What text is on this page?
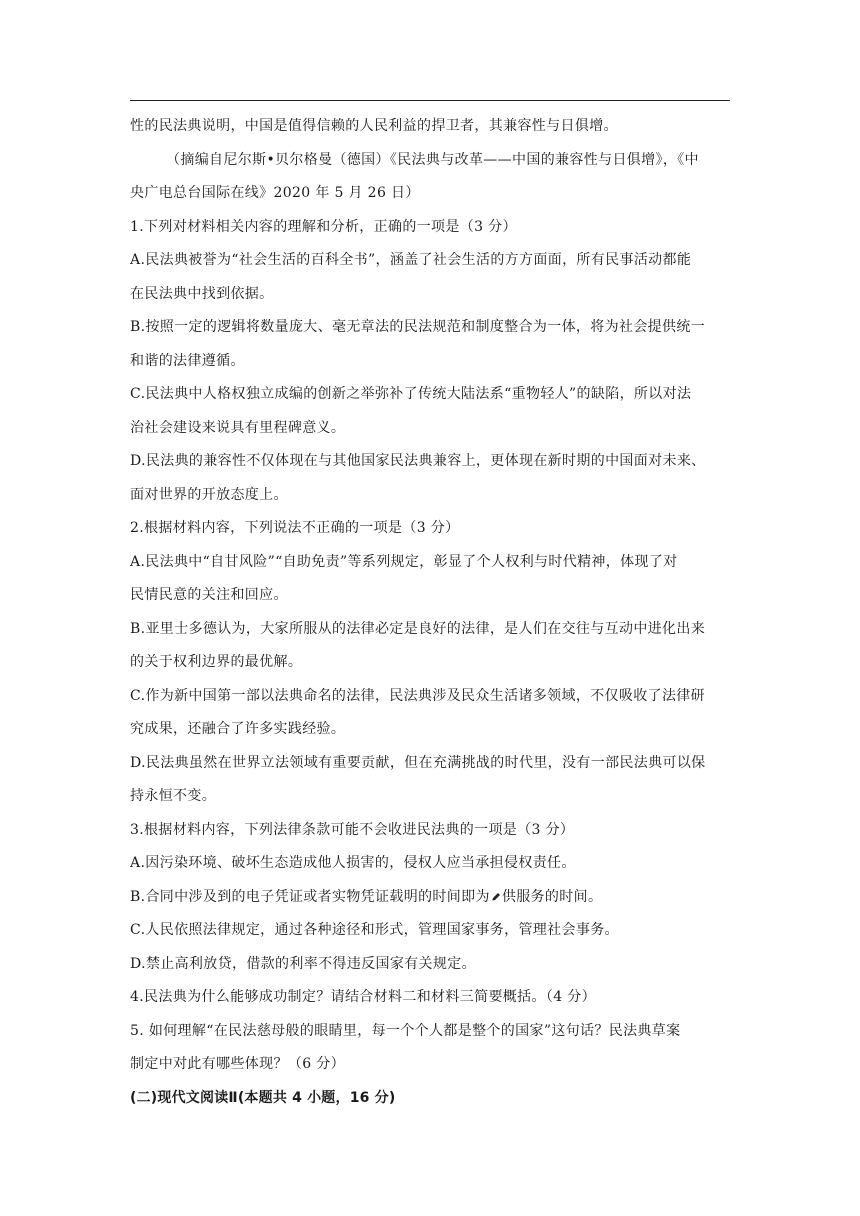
性的民法典说明，中国是值得信赖的人民利益的捍卫者，其兼容性与日俱增。
（摘编自尼尔斯•贝尔格曼（德国）《民法典与改革——中国的兼容性与日俱增》，《中
央广电总台国际在线》2020 年 5 月 26 日）
1.下列对材料相关内容的理解和分析，正确的一项是（3 分）
A.民法典被誉为“社会生活的百科全书”，涵盖了社会生活的方方面面，所有民事活动都能
在民法典中找到依据。
B.按照一定的逻辑将数量庞大、毫无章法的民法规范和制度整合为一体，将为社会提供统一
和谐的法律遵循。
C.民法典中人格权独立成编的创新之举弥补了传统大陆法系“重物轻人”的缺陷，所以对法
治社会建设来说具有里程碑意义。
D.民法典的兼容性不仅体现在与其他国家民法典兼容上，更体现在新时期的中国面对未来、
面对世界的开放态度上。
2.根据材料内容，下列说法不正确的一项是（3 分）
A.民法典中“自甘风险”“自助免责”等系列规定，彰显了个人权利与时代精神，体现了对
民情民意的关注和回应。
B.亚里士多德认为，大家所服从的法律必定是良好的法律，是人们在交往与互动中进化出来
的关于权利边界的最优解。
C.作为新中国第一部以法典命名的法律，民法典涉及民众生活诸多领域，不仅吸收了法律研
究成果，还融合了许多实践经验。
D.民法典虽然在世界立法领域有重要贡献，但在充满挑战的时代里，没有一部民法典可以保
持永恒不变。
3.根据材料内容，下列法律条款可能不会收进民法典的一项是（3 分）
A.因污染环境、破坏生态造成他人损害的，侵权人应当承担侵权责任。
B.合同中涉及到的电子凭证或者实物凭证载明的时间即为 供服务的时间。
C.人民依照法律规定，通过各种途径和形式，管理国家事务，管理社会事务。
D.禁止高利放贷，借款的利率不得违反国家有关规定。
4.民法典为什么能够成功制定？请结合材料二和材料三简要概括。（4 分）
5. 如何理解“在民法慈母般的眼睛里，每一个个人都是整个的国家”这句话？民法典草案
制定中对此有哪些体现？（6 分）
(二)现代文阅读Ⅱ(本题共 4 小题，16 分)
